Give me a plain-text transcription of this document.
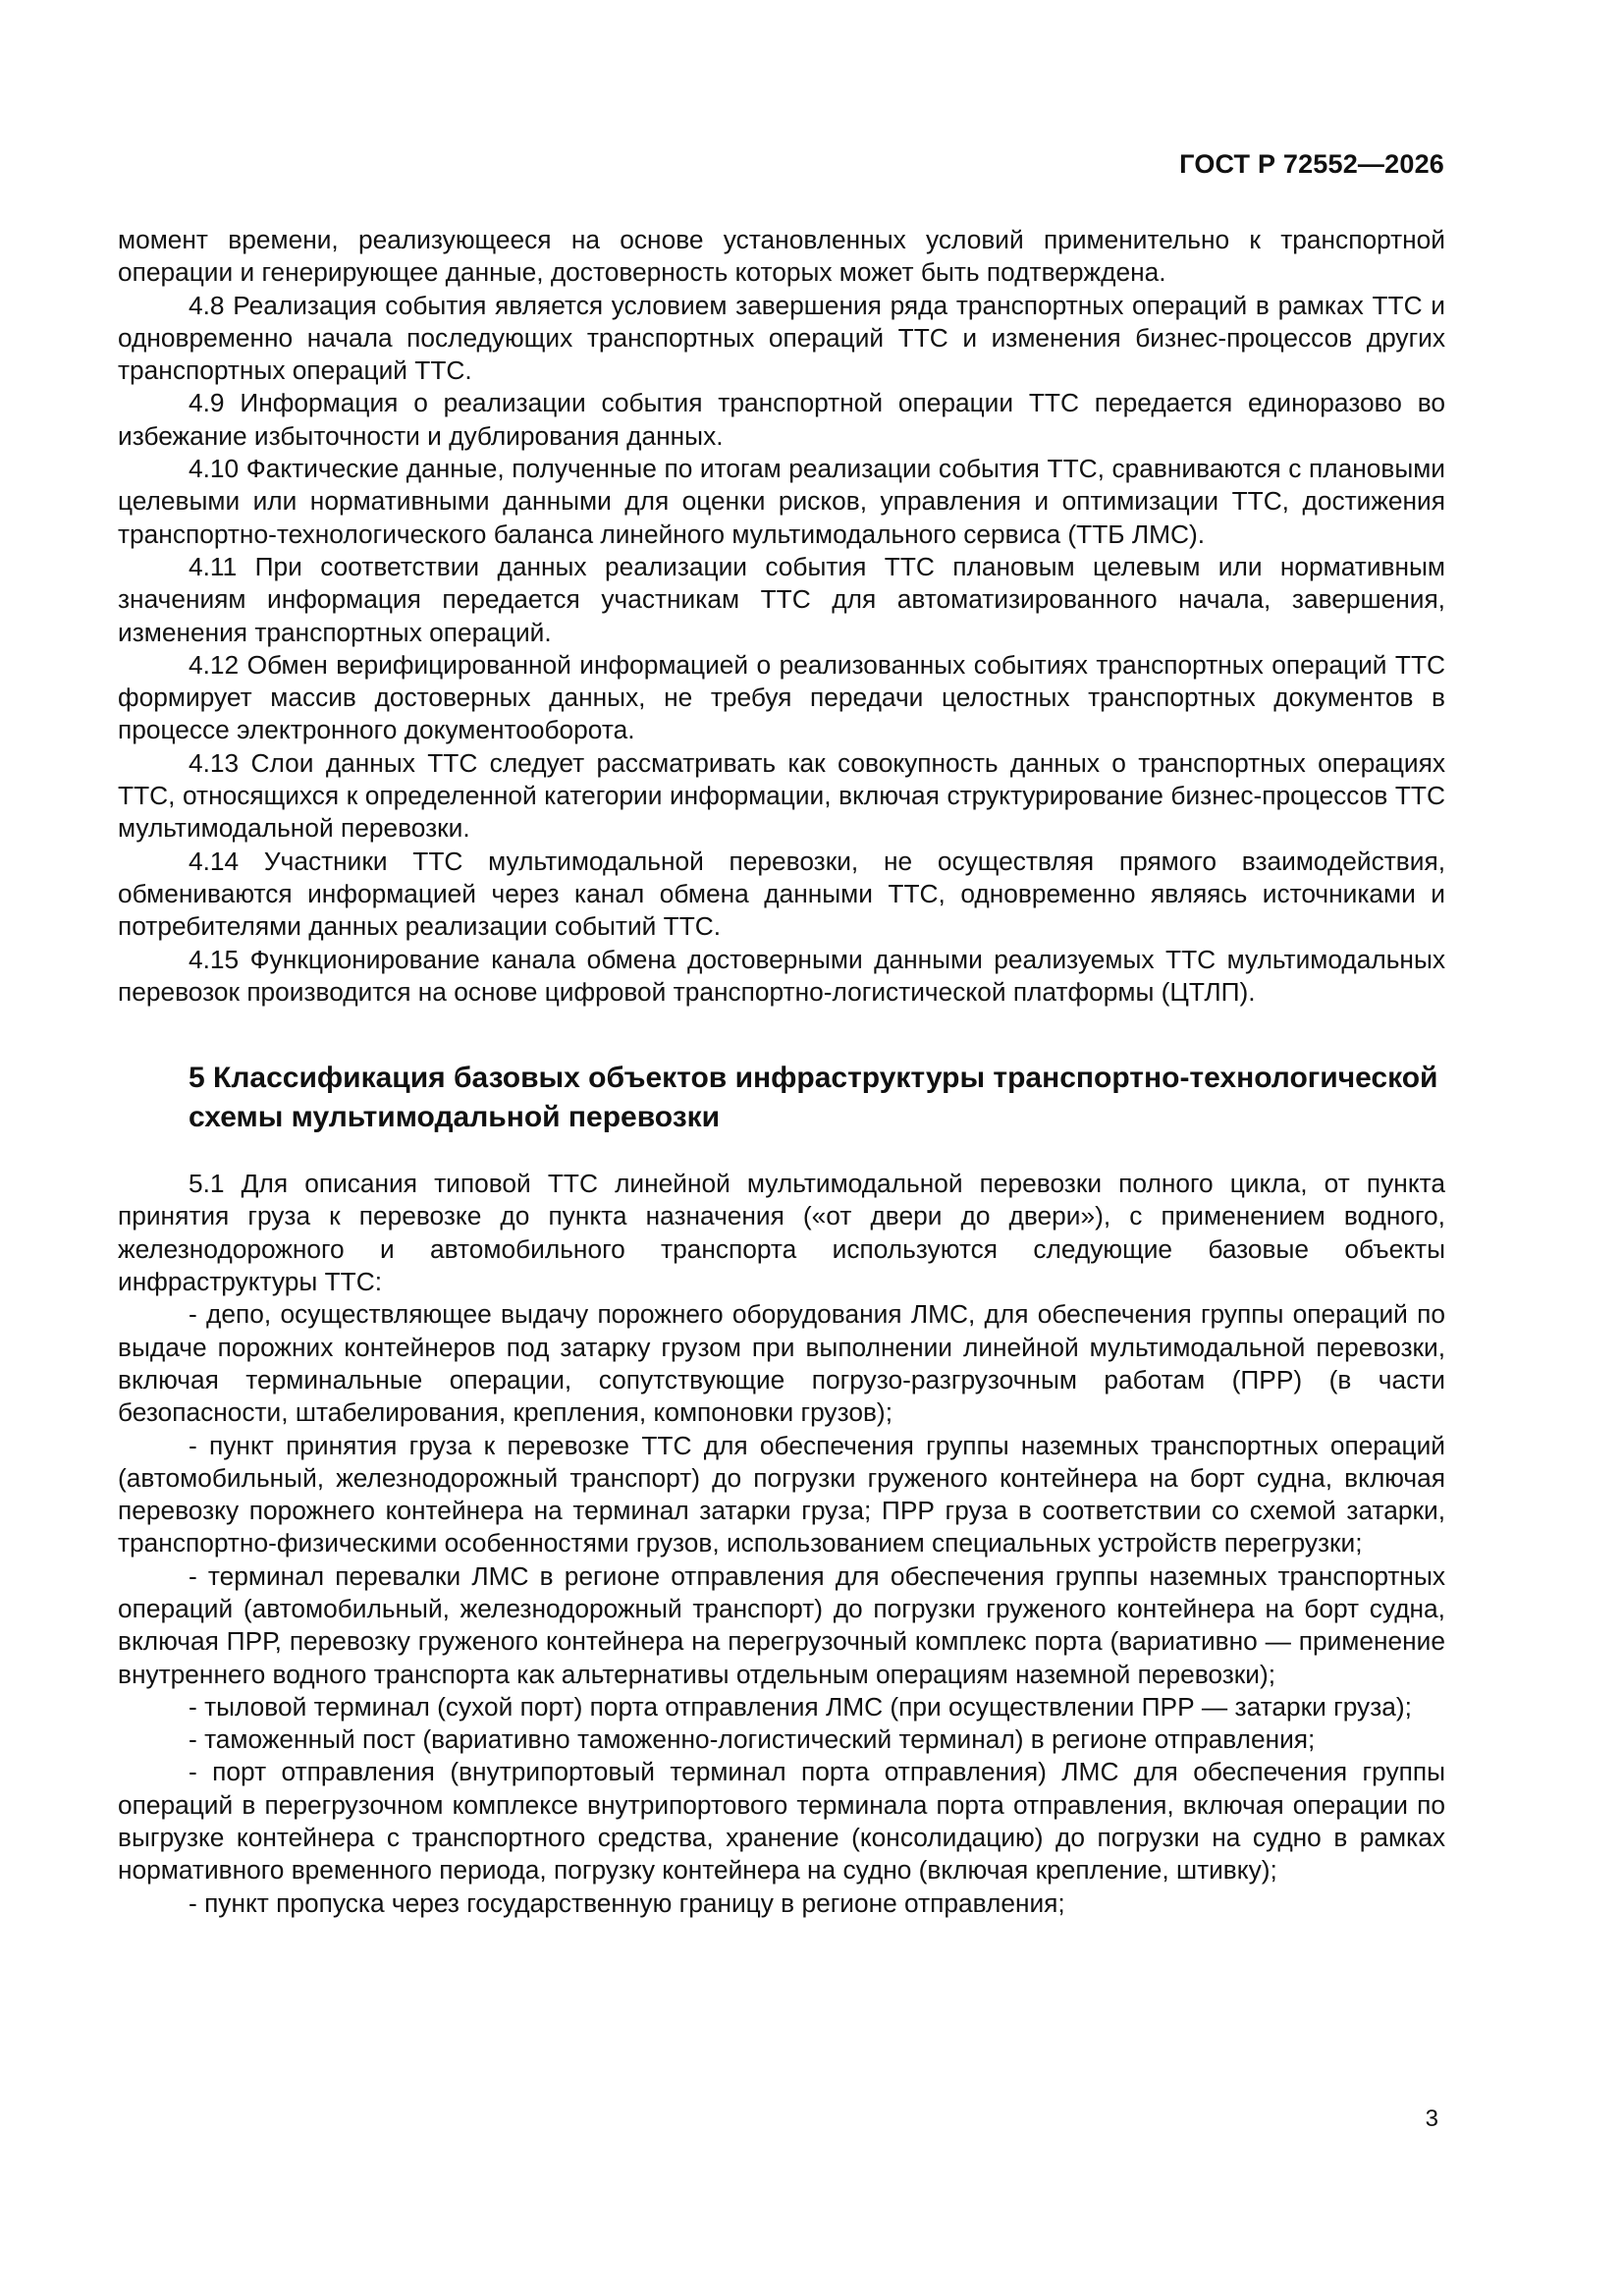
ГОСТ Р 72552—2026

момент времени, реализующееся на основе установленных условий применительно к транспортной операции и генерирующее данные, достоверность которых может быть подтверждена.

4.8 Реализация события является условием завершения ряда транспортных операций в рамках ТТС и одновременно начала последующих транспортных операций ТТС и изменения бизнес-процессов других транспортных операций ТТС.

4.9 Информация о реализации события транспортной операции ТТС передается единоразово во избежание избыточности и дублирования данных.

4.10 Фактические данные, полученные по итогам реализации события ТТС, сравниваются с плановыми целевыми или нормативными данными для оценки рисков, управления и оптимизации ТТС, достижения транспортно-технологического баланса линейного мультимодального сервиса (ТТБ ЛМС).

4.11 При соответствии данных реализации события ТТС плановым целевым или нормативным значениям информация передается участникам ТТС для автоматизированного начала, завершения, изменения транспортных операций.

4.12 Обмен верифицированной информацией о реализованных событиях транспортных операций ТТС формирует массив достоверных данных, не требуя передачи целостных транспортных документов в процессе электронного документооборота.

4.13 Слои данных ТТС следует рассматривать как совокупность данных о транспортных операциях ТТС, относящихся к определенной категории информации, включая структурирование бизнес-процессов ТТС мультимодальной перевозки.

4.14 Участники ТТС мультимодальной перевозки, не осуществляя прямого взаимодействия, обмениваются информацией через канал обмена данными ТТС, одновременно являясь источниками и потребителями данных реализации событий ТТС.

4.15 Функционирование канала обмена достоверными данными реализуемых ТТС мультимодальных перевозок производится на основе цифровой транспортно-логистической платформы (ЦТЛП).

5 Классификация базовых объектов инфраструктуры транспортно-технологической схемы мультимодальной перевозки

5.1 Для описания типовой ТТС линейной мультимодальной перевозки полного цикла, от пункта принятия груза к перевозке до пункта назначения («от двери до двери»), с применением водного, железнодорожного и автомобильного транспорта используются следующие базовые объекты инфраструктуры ТТС:

- депо, осуществляющее выдачу порожнего оборудования ЛМС, для обеспечения группы операций по выдаче порожних контейнеров под затарку грузом при выполнении линейной мультимодальной перевозки, включая терминальные операции, сопутствующие погрузо-разгрузочным работам (ПРР) (в части безопасности, штабелирования, крепления, компоновки грузов);

- пункт принятия груза к перевозке ТТС для обеспечения группы наземных транспортных операций (автомобильный, железнодорожный транспорт) до погрузки груженого контейнера на борт судна, включая перевозку порожнего контейнера на терминал затарки груза; ПРР груза в соответствии со схемой затарки, транспортно-физическими особенностями грузов, использованием специальных устройств перегрузки;

- терминал перевалки ЛМС в регионе отправления для обеспечения группы наземных транспортных операций (автомобильный, железнодорожный транспорт) до погрузки груженого контейнера на борт судна, включая ПРР, перевозку груженого контейнера на перегрузочный комплекс порта (вариативно — применение внутреннего водного транспорта как альтернативы отдельным операциям наземной перевозки);

- тыловой терминал (сухой порт) порта отправления ЛМС (при осуществлении ПРР — затарки груза);

- таможенный пост (вариативно таможенно-логистический терминал) в регионе отправления;

- порт отправления (внутрипортовый терминал порта отправления) ЛМС для обеспечения группы операций в перегрузочном комплексе внутрипортового терминала порта отправления, включая операции по выгрузке контейнера с транспортного средства, хранение (консолидацию) до погрузки на судно в рамках нормативного временного периода, погрузку контейнера на судно (включая крепление, штивку);

- пункт пропуска через государственную границу в регионе отправления;

3
